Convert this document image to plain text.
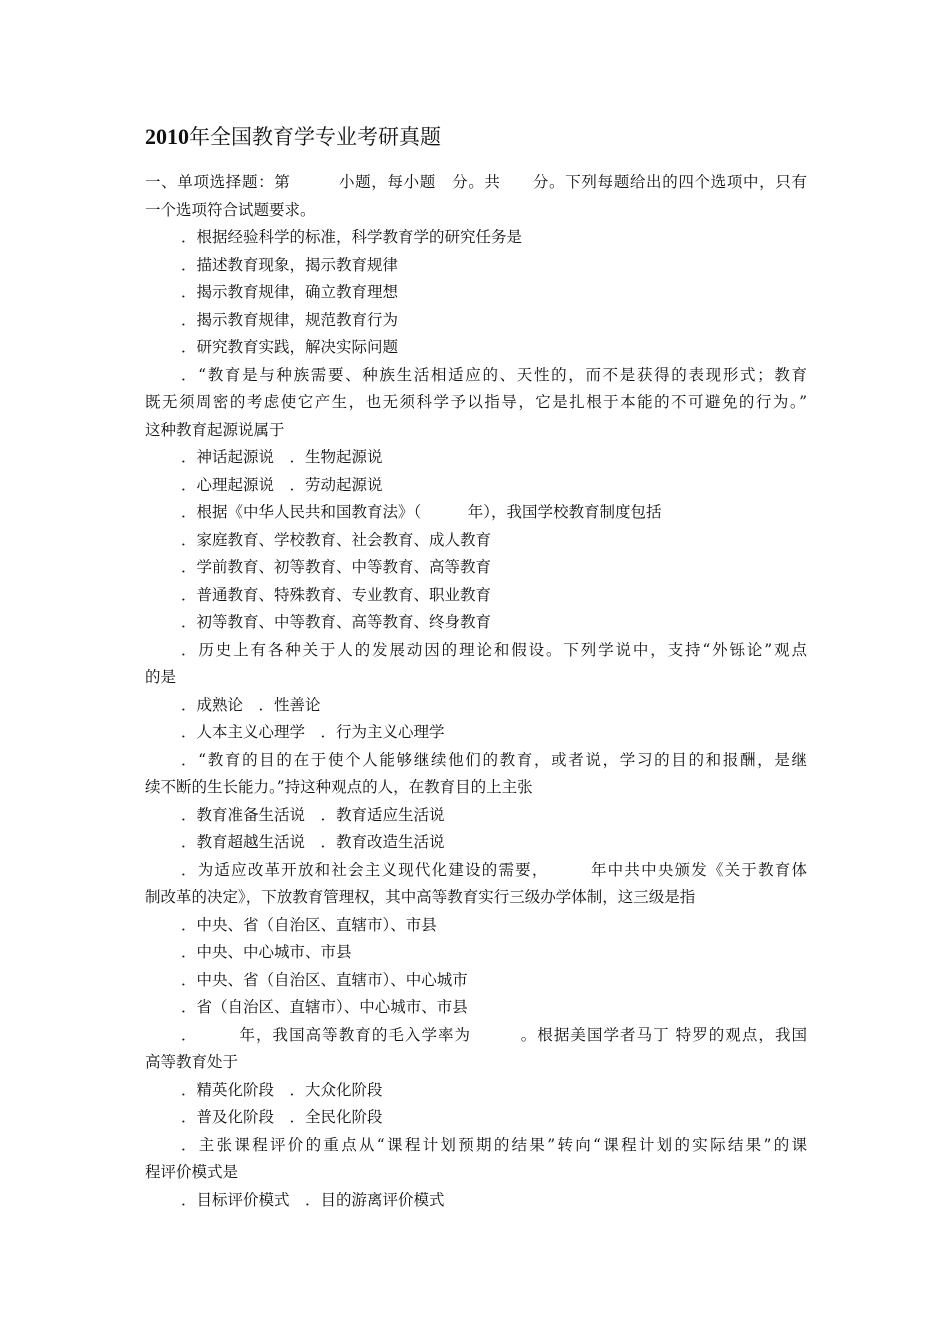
2010年全国教育学专业考研真题
一、单项选择题：第　　　小题，每小题　分。共　　分。下列每题给出的四个选项中，只有
一个选项符合试题要求。
．根据经验科学的标准，科学教育学的研究任务是
．描述教育现象，揭示教育规律
．揭示教育规律，确立教育理想
．揭示教育规律，规范教育行为
．研究教育实践，解决实际问题
．“教育是与种族需要、种族生活相适应的、天性的，而不是获得的表现形式；教育
既无须周密的考虑使它产生，也无须科学予以指导，它是扎根于本能的不可避免的行为。”
这种教育起源说属于
．神话起源说　．生物起源说
．心理起源说　．劳动起源说
．根据《中华人民共和国教育法》（　　　年），我国学校教育制度包括
．家庭教育、学校教育、社会教育、成人教育
．学前教育、初等教育、中等教育、高等教育
．普通教育、特殊教育、专业教育、职业教育
．初等教育、中等教育、高等教育、终身教育
．历史上有各种关于人的发展动因的理论和假设。下列学说中，支持“外铄论”观点
的是
．成熟论　．性善论
．人本主义心理学　．行为主义心理学
．“教育的目的在于使个人能够继续他们的教育，或者说，学习的目的和报酬，是继
续不断的生长能力。”持这种观点的人，在教育目的上主张
．教育准备生活说　．教育适应生活说
．教育超越生活说　．教育改造生活说
．为适应改革开放和社会主义现代化建设的需要，　　　年中共中央颁发《关于教育体
制改革的决定》，下放教育管理权，其中高等教育实行三级办学体制，这三级是指
．中央、省（自治区、直辖市）、市县
．中央、中心城市、市县
．中央、省（自治区、直辖市）、中心城市
．省（自治区、直辖市）、中心城市、市县
．　　　年，我国高等教育的毛入学率为　　　。根据美国学者马丁 特罗的观点，我国
高等教育处于
．精英化阶段　．大众化阶段
．普及化阶段　．全民化阶段
．主张课程评价的重点从“课程计划预期的结果”转向“课程计划的实际结果”的课
程评价模式是
．目标评价模式　．目的游离评价模式
